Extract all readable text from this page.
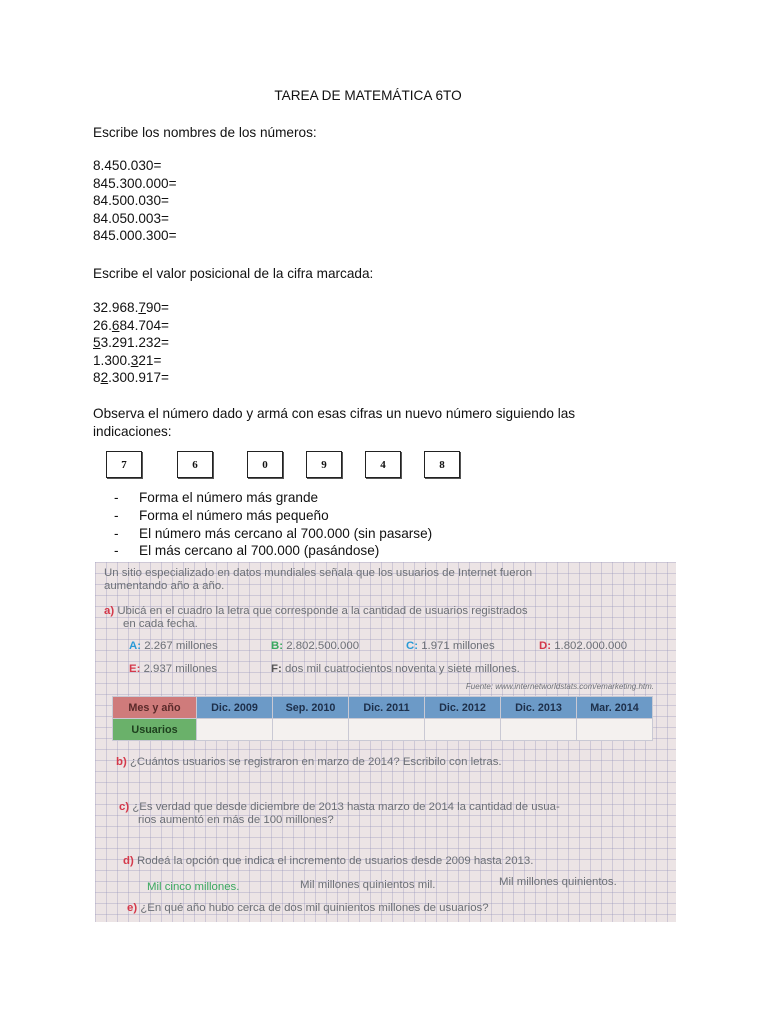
TAREA DE MATEMÁTICA 6TO
Escribe los nombres de los números:
8.450.030=
845.300.000=
84.500.030=
84.050.003=
845.000.300=
Escribe el valor posicional de la cifra marcada:
32.968.790=
26.684.704=
53.291.232=
1.300.321=
82.300.917=
Observa el número dado y armá con esas cifras un nuevo número siguiendo las
indicaciones:
7	6	0	9	4	8
- Forma el número más grande
- Forma el número más pequeño
- El número más cercano al 700.000 (sin pasarse)
- El más cercano al 700.000 (pasándose)
Un sitio especializado en datos mundiales señala que los usuarios de Internet fueron
aumentando año a año.
a) Ubicá en el cuadro la letra que corresponde a la cantidad de usuarios registrados
en cada fecha.
A: 2.267 millones	B: 2.802.500.000	C: 1.971 millones	D: 1.802.000.000
E: 2.937 millones	F: dos mil cuatrocientos noventa y siete millones.
Fuente: www.internetworldstats.com/emarketing.htm.
Mes y año	Dic. 2009	Sep. 2010	Dic. 2011	Dic. 2012	Dic. 2013	Mar. 2014
Usuarios						
b) ¿Cuántos usuarios se registraron en marzo de 2014? Escribilo con letras.
c) ¿Es verdad que desde diciembre de 2013 hasta marzo de 2014 la cantidad de usua-
rios aumentó en más de 100 millones?
d) Rodeá la opción que indica el incremento de usuarios desde 2009 hasta 2013.
Mil cinco millones.	Mil millones quinientos mil.	Mil millones quinientos.
e) ¿En qué año hubo cerca de dos mil quinientos millones de usuarios?
